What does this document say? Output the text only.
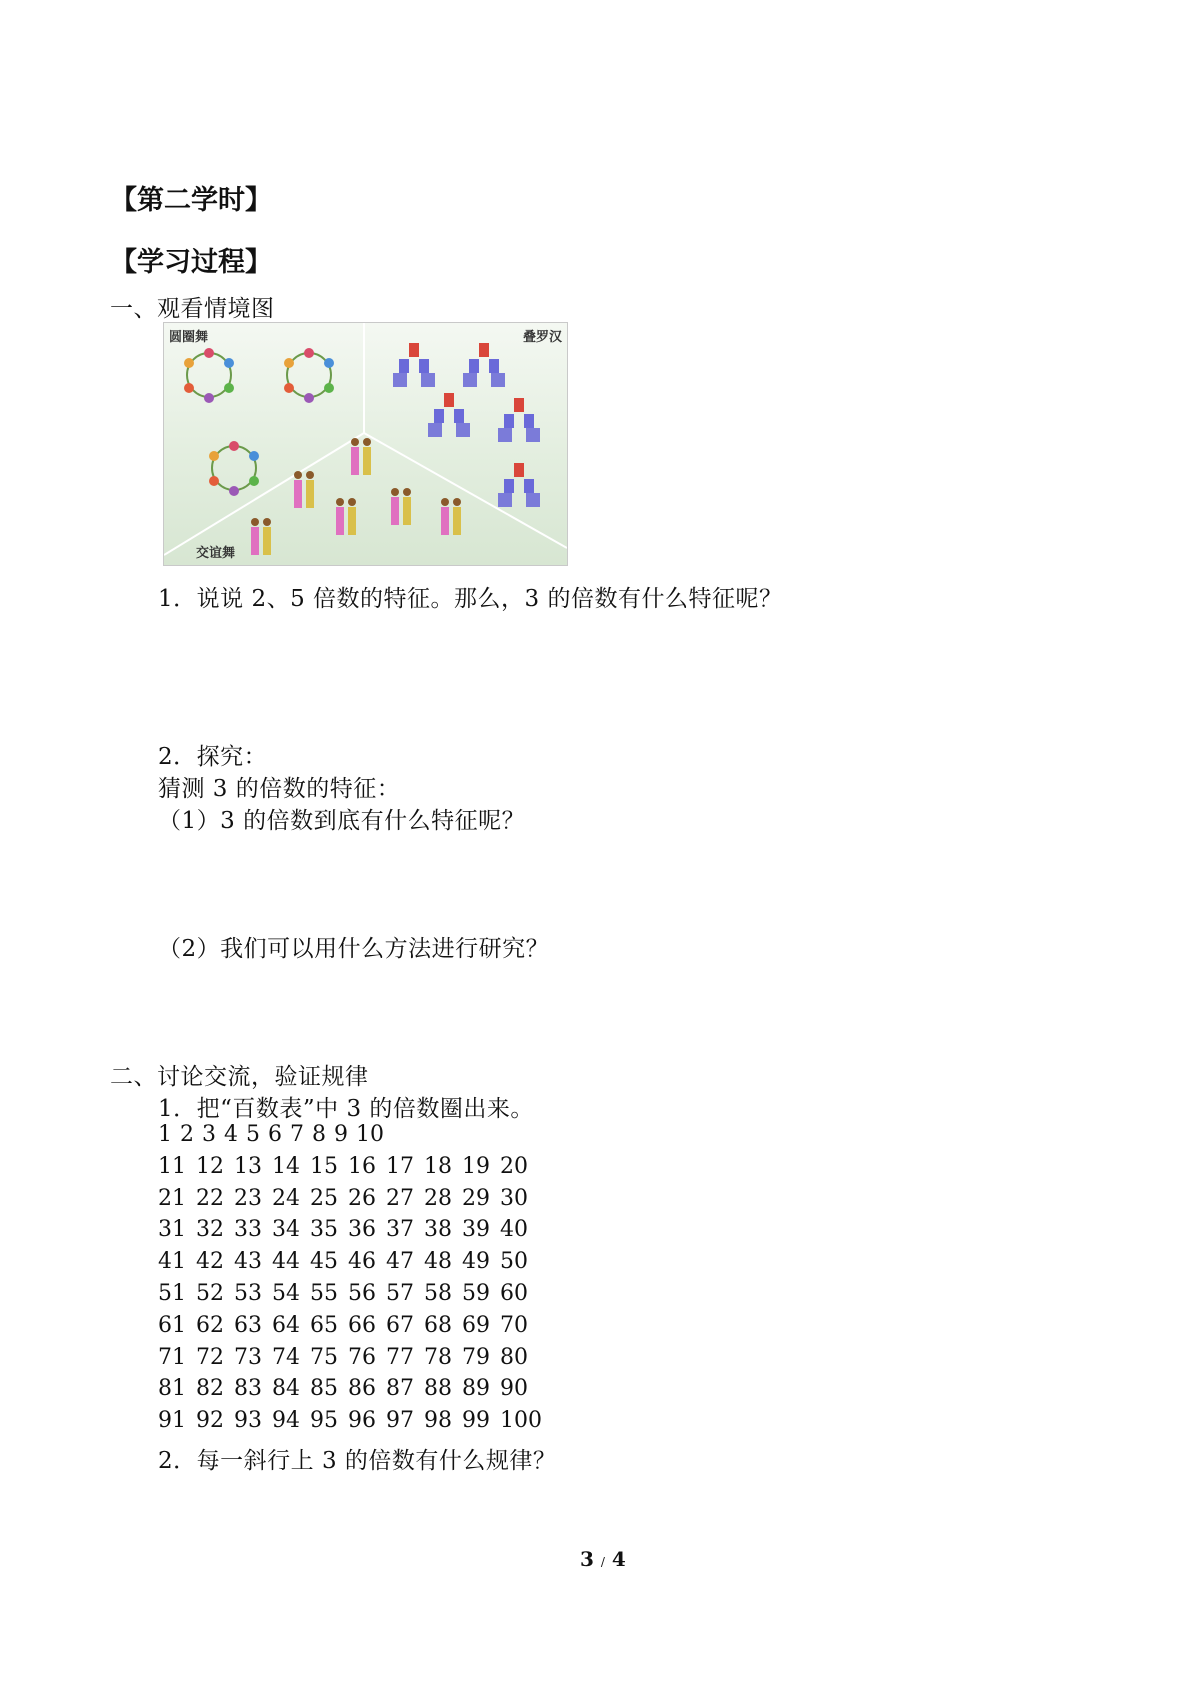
【第二学时】
【学习过程】
一、观看情境图
圆圈舞	叠罗汉
交谊舞
1．说说 2、5 倍数的特征。那么，3 的倍数有什么特征呢？
2．探究：
猜测 3 的倍数的特征：
（1）3 的倍数到底有什么特征呢？
（2）我们可以用什么方法进行研究？
二、讨论交流，验证规律
1．把“百数表”中 3 的倍数圈出来。
1 2 3 4 5 6 7 8 9 10
11 12 13 14 15 16 17 18 19 20
21 22 23 24 25 26 27 28 29 30
31 32 33 34 35 36 37 38 39 40
41 42 43 44 45 46 47 48 49 50
51 52 53 54 55 56 57 58 59 60
61 62 63 64 65 66 67 68 69 70
71 72 73 74 75 76 77 78 79 80
81 82 83 84 85 86 87 88 89 90
91 92 93 94 95 96 97 98 99 100
2．每一斜行上 3 的倍数有什么规律？
3 / 4
